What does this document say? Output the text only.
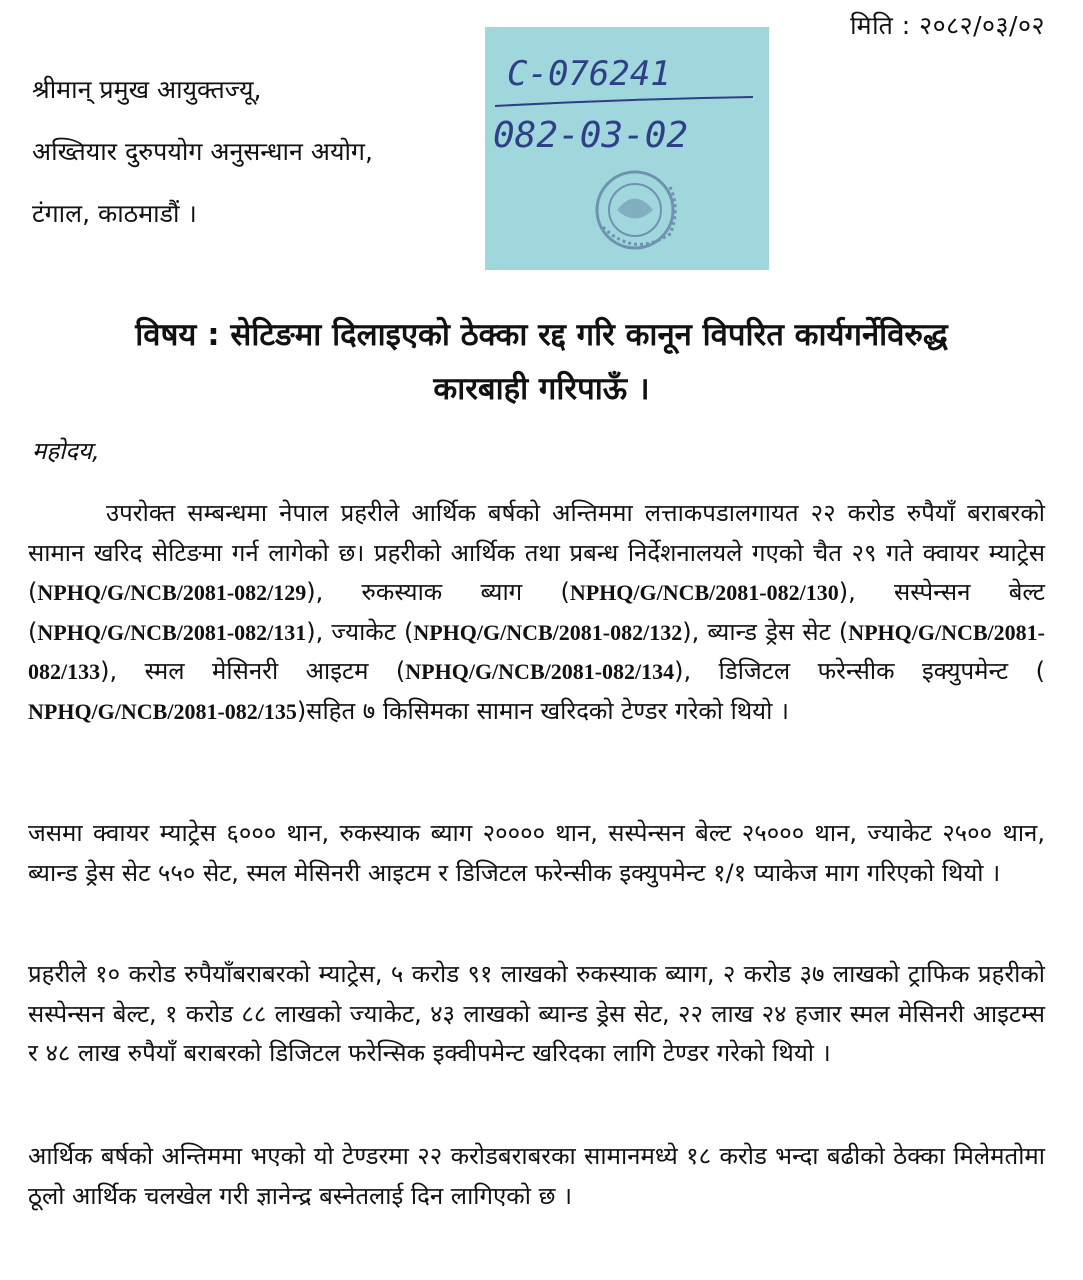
मिति : २०८२/०३/०२
श्रीमान् प्रमुख आयुक्तज्यू,
अख्तियार दुरुपयोग अनुसन्धान अयोग,
टंगाल, काठमाडौं ।
C-076241
082-03-02
विषय : सेटिङमा दिलाइएको ठेक्का रद्द गरि कानून विपरित कार्यगर्नेविरुद्ध
कारबाही गरिपाऊँ ।
महोदय,

उपरोक्त सम्बन्धमा नेपाल प्रहरीले आर्थिक बर्षको अन्तिममा लत्ताकपडालगायत २२ करोड रुपैयाँ बराबरको सामान खरिद सेटिङमा गर्न लागेको छ। प्रहरीको आर्थिक तथा प्रबन्ध निर्देशनालयले गएको चैत २९ गते क्वायर म्याट्रेस (NPHQ/G/NCB/2081-082/129), रुकस्याक ब्याग (NPHQ/G/NCB/2081-082/130), सस्पेन्सन बेल्ट (NPHQ/G/NCB/2081-082/131), ज्याकेट (NPHQ/G/NCB/2081-082/132), ब्यान्ड ड्रेस सेट (NPHQ/G/NCB/2081-082/133), स्मल मेसिनरी आइटम (NPHQ/G/NCB/2081-082/134), डिजिटल फरेन्सीक इक्युपमेन्ट ( NPHQ/G/NCB/2081-082/135)सहित ७ किसिमका सामान खरिदको टेण्डर गरेको थियो ।

जसमा क्वायर म्याट्रेस ६००० थान, रुकस्याक ब्याग २०००० थान, सस्पेन्सन बेल्ट २५००० थान, ज्याकेट २५०० थान, ब्यान्ड ड्रेस सेट ५५० सेट, स्मल मेसिनरी आइटम र डिजिटल फरेन्सीक इक्युपमेन्ट १/१ प्याकेज माग गरिएको थियो ।

प्रहरीले १० करोड रुपैयाँबराबरको म्याट्रेस, ५ करोड ९१ लाखको रुकस्याक ब्याग, २ करोड ३७ लाखको ट्राफिक प्रहरीको सस्पेन्सन बेल्ट, १ करोड ८८ लाखको ज्याकेट, ४३ लाखको ब्यान्ड ड्रेस सेट, २२ लाख २४ हजार स्मल मेसिनरी आइटम्स र ४८ लाख रुपैयाँ बराबरको डिजिटल फरेन्सिक इक्वीपमेन्ट खरिदका लागि टेण्डर गरेको थियो ।

आर्थिक बर्षको अन्तिममा भएको यो टेण्डरमा २२ करोडबराबरका सामानमध्ये १८ करोड भन्दा बढीको ठेक्का मिलेमतोमा ठूलो आर्थिक चलखेल गरी ज्ञानेन्द्र बस्नेतलाई दिन लागिएको छ ।
